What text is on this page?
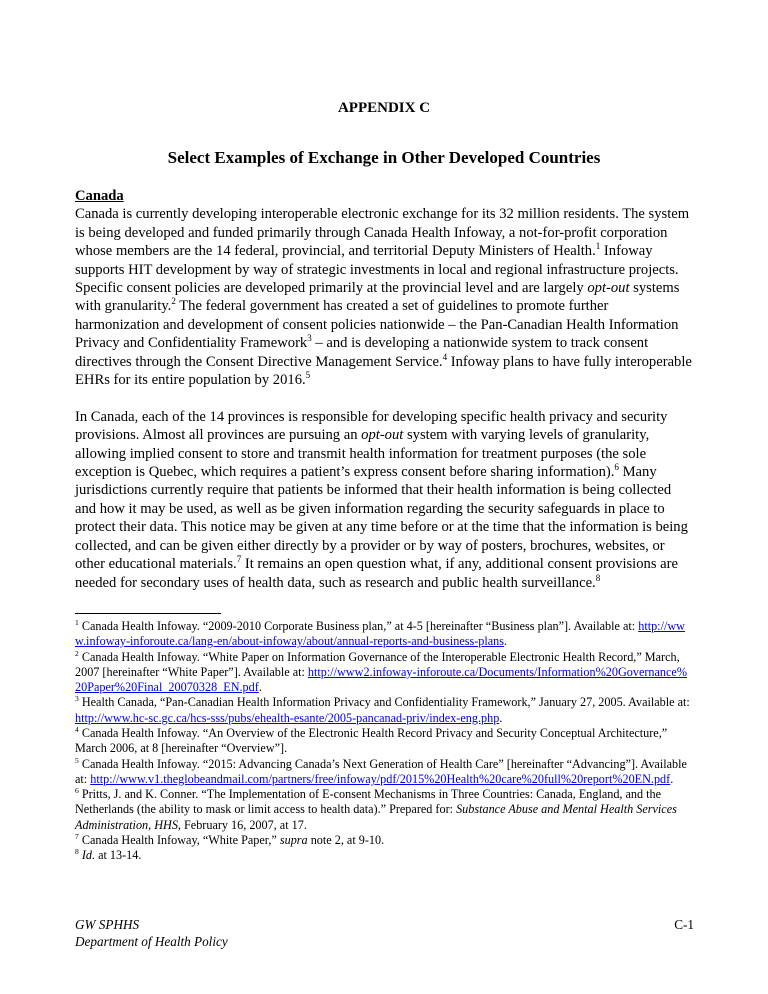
APPENDIX C
Select Examples of Exchange in Other Developed Countries
Canada

Canada is currently developing interoperable electronic exchange for its 32 million residents. The system is being developed and funded primarily through Canada Health Infoway, a not-for-profit corporation whose members are the 14 federal, provincial, and territorial Deputy Ministers of Health.$^1$ Infoway supports HIT development by way of strategic investments in local and regional infrastructure projects. Specific consent policies are developed primarily at the provincial level and are largely opt-out systems with granularity.$^2$ The federal government has created a set of guidelines to promote further harmonization and development of consent policies nationwide – the Pan-Canadian Health Information Privacy and Confidentiality Framework$^3$ – and is developing a nationwide system to track consent directives through the Consent Directive Management Service.$^4$ Infoway plans to have fully interoperable EHRs for its entire population by 2016.$^5$

In Canada, each of the 14 provinces is responsible for developing specific health privacy and security provisions. Almost all provinces are pursuing an opt-out system with varying levels of granularity, allowing implied consent to store and transmit health information for treatment purposes (the sole exception is Quebec, which requires a patient’s express consent before sharing information).$^6$ Many jurisdictions currently require that patients be informed that their health information is being collected and how it may be used, as well as be given information regarding the security safeguards in place to protect their data. This notice may be given at any time before or at the time that the information is being collected, and can be given either directly by a provider or by way of posters, brochures, websites, or other educational materials.$^7$ It remains an open question what, if any, additional consent provisions are needed for secondary uses of health data, such as research and public health surveillance.$^8$

$^1$ Canada Health Infoway. “2009-2010 Corporate Business plan,” at 4-5 [hereinafter “Business plan”]. Available at: http://www.infoway-inforoute.ca/lang-en/about-infoway/about/annual-reports-and-business-plans.
$^2$ Canada Health Infoway. “White Paper on Information Governance of the Interoperable Electronic Health Record,” March, 2007 [hereinafter “White Paper”]. Available at: http://www2.infoway-inforoute.ca/Documents/Information%20Governance%20Paper%20Final_20070328_EN.pdf.
$^3$ Health Canada, “Pan-Canadian Health Information Privacy and Confidentiality Framework,” January 27, 2005. Available at: http://www.hc-sc.gc.ca/hcs-sss/pubs/ehealth-esante/2005-pancanad-priv/index-eng.php.
$^4$ Canada Health Infoway. “An Overview of the Electronic Health Record Privacy and Security Conceptual Architecture,” March 2006, at 8 [hereinafter “Overview”].
$^5$ Canada Health Infoway. “2015: Advancing Canada’s Next Generation of Health Care” [hereinafter “Advancing”]. Available at: http://www.v1.theglobeandmail.com/partners/free/infoway/pdf/2015%20Health%20care%20full%20report%20EN.pdf.
$^6$ Pritts, J. and K. Conner. “The Implementation of E-consent Mechanisms in Three Countries: Canada, England, and the Netherlands (the ability to mask or limit access to health data).” Prepared for: Substance Abuse and Mental Health Services Administration, HHS, February 16, 2007, at 17.
$^7$ Canada Health Infoway, “White Paper,” supra note 2, at 9-10.
$^8$ Id. at 13-14.
GW SPHHS
Department of Health Policy
C-1
